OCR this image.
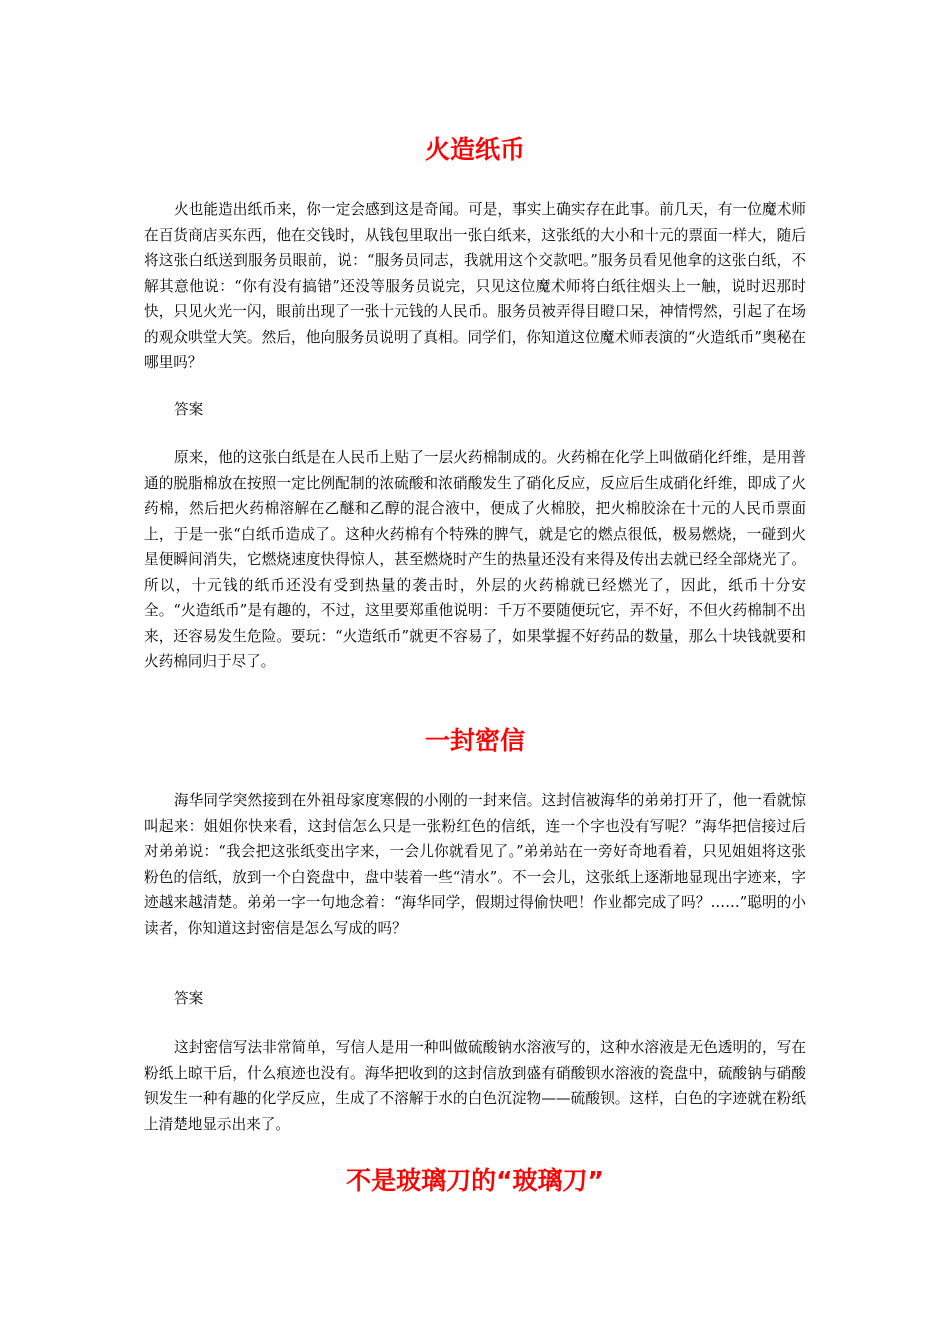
火造纸币

火也能造出纸币来，你一定会感到这是奇闻。可是，事实上确实存在此事。前几天，有一位魔术师在百货商店买东西，他在交钱时，从钱包里取出一张白纸来，这张纸的大小和十元的票面一样大，随后将这张白纸送到服务员眼前，说：“服务员同志，我就用这个交款吧。”服务员看见他拿的这张白纸，不解其意他说：“你有没有搞错”还没等服务员说完，只见这位魔术师将白纸往烟头上一触，说时迟那时快，只见火光一闪，眼前出现了一张十元钱的人民币。服务员被弄得目瞪口呆，神情愕然，引起了在场的观众哄堂大笑。然后，他向服务员说明了真相。同学们，你知道这位魔术师表演的“火造纸币”奥秘在哪里吗？

答案

原来，他的这张白纸是在人民币上贴了一层火药棉制成的。火药棉在化学上叫做硝化纤维，是用普通的脱脂棉放在按照一定比例配制的浓硫酸和浓硝酸发生了硝化反应，反应后生成硝化纤维，即成了火药棉，然后把火药棉溶解在乙醚和乙醇的混合液中，便成了火棉胶，把火棉胶涂在十元的人民币票面上，于是一张“白纸币造成了。这种火药棉有个特殊的脾气，就是它的燃点很低，极易燃烧，一碰到火星便瞬间消失，它燃烧速度快得惊人，甚至燃烧时产生的热量还没有来得及传出去就已经全部烧光了。所以，十元钱的纸币还没有受到热量的袭击时，外层的火药棉就已经燃光了，因此，纸币十分安全。“火造纸币”是有趣的，不过，这里要郑重他说明：千万不要随便玩它，弄不好，不但火药棉制不出来，还容易发生危险。要玩：“火造纸币”就更不容易了，如果掌握不好药品的数量，那么十块钱就要和火药棉同归于尽了。

一封密信

海华同学突然接到在外祖母家度寒假的小刚的一封来信。这封信被海华的弟弟打开了，他一看就惊叫起来：姐姐你快来看，这封信怎么只是一张粉红色的信纸，连一个字也没有写呢？”海华把信接过后对弟弟说：“我会把这张纸变出字来，一会儿你就看见了。”弟弟站在一旁好奇地看着，只见姐姐将这张粉色的信纸，放到一个白瓷盘中，盘中装着一些“清水”。不一会儿，这张纸上逐渐地显现出字迹来，字迹越来越清楚。弟弟一字一句地念着：“海华同学，假期过得偷快吧！作业都完成了吗？……”聪明的小读者，你知道这封密信是怎么写成的吗？

答案

这封密信写法非常简单，写信人是用一种叫做硫酸钠水溶液写的，这种水溶液是无色透明的，写在粉纸上晾干后，什么痕迹也没有。海华把收到的这封信放到盛有硝酸钡水溶液的瓷盘中，硫酸钠与硝酸钡发生一种有趣的化学反应，生成了不溶解于水的白色沉淀物——硫酸钡。这样，白色的字迹就在粉纸上清楚地显示出来了。

不是玻璃刀的“玻璃刀”
